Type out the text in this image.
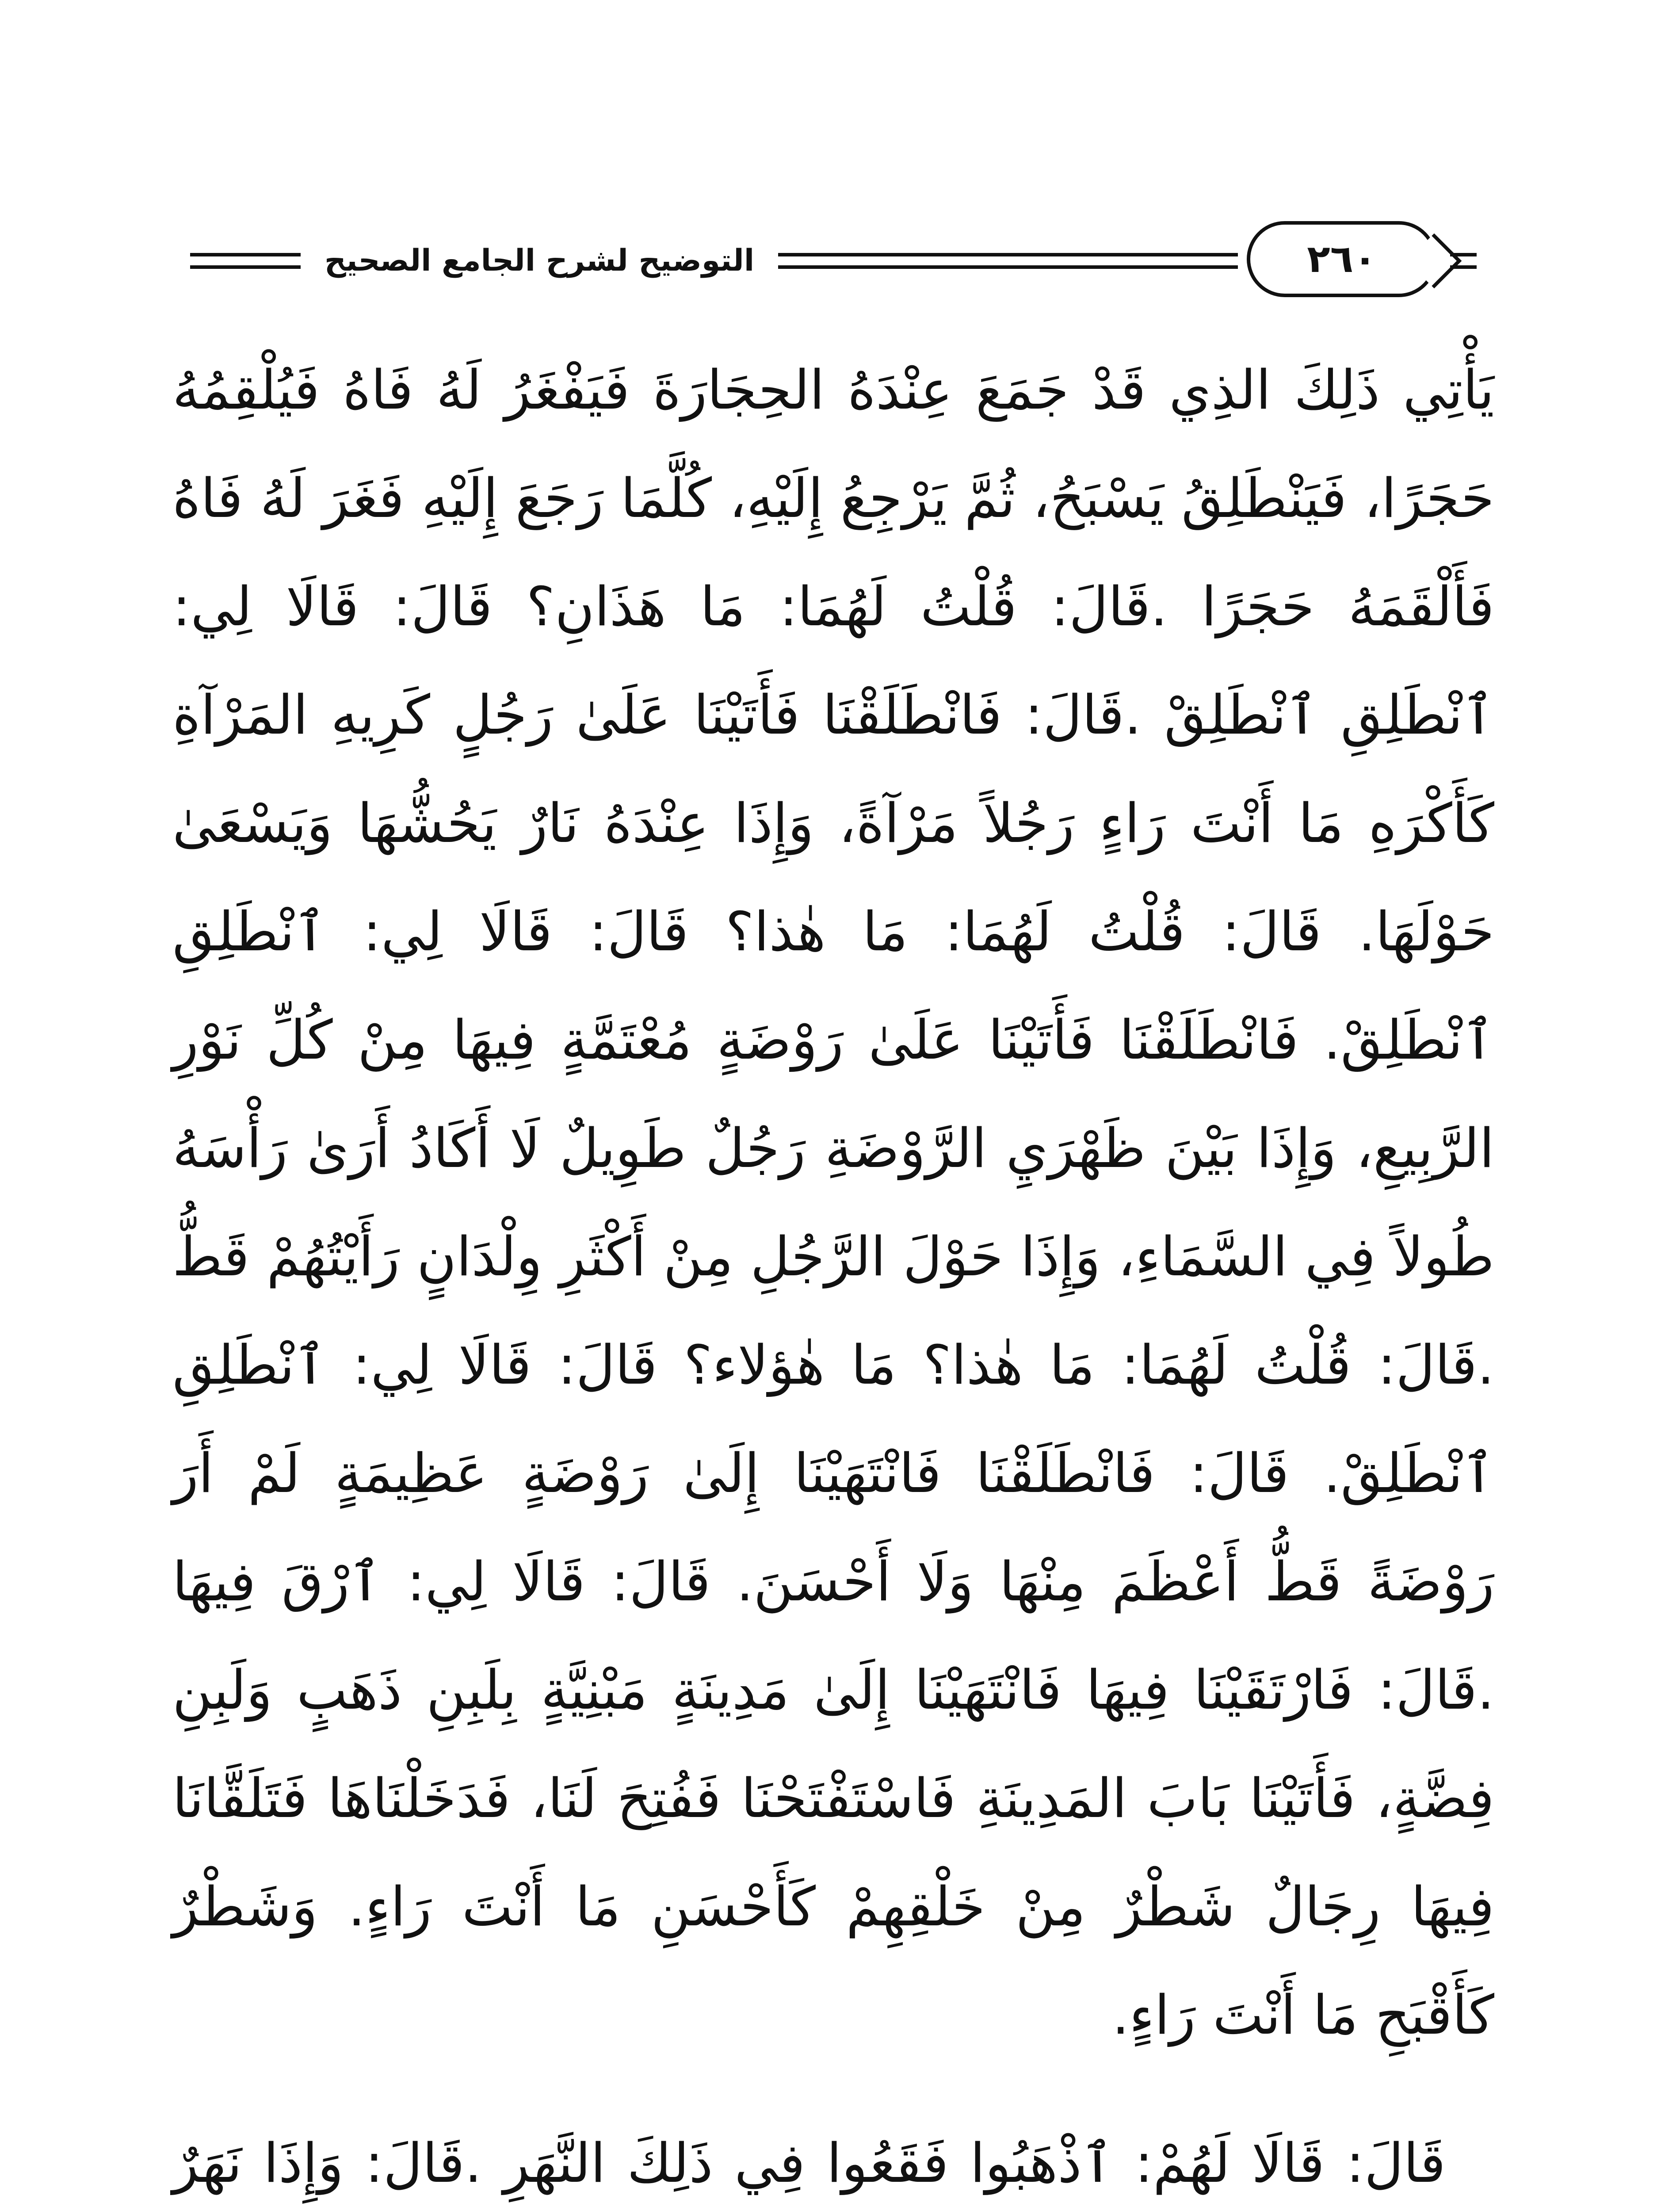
التوضيح لشرح الجامع الصحيح	٢٦٠

يَأْتِي ذَلِكَ الذِي قَدْ جَمَعَ عِنْدَهُ الحِجَارَةَ فَيَفْغَرُ لَهُ فَاهُ فَيُلْقِمُهُ حَجَرًا، فَيَنْطَلِقُ يَسْبَحُ، ثُمَّ يَرْجِعُ إِلَيْهِ، كُلَّمَا رَجَعَ إِلَيْهِ فَغَرَ لَهُ فَاهُ فَأَلْقَمَهُ حَجَرًا .قَالَ: قُلْتُ لَهُمَا: مَا هَذَانِ؟ قَالَ: قَالَا لِي: ٱنْطَلِقِ ٱنْطَلِقْ .قَالَ: فَانْطَلَقْنَا فَأَتَيْنَا عَلَىٰ رَجُلٍ كَرِيهِ المَرْآةِ كَأَكْرَهِ مَا أَنْتَ رَاءٍ رَجُلاً مَرْآةً، وَإِذَا عِنْدَهُ نَارٌ يَحُشُّهَا وَيَسْعَىٰ حَوْلَهَا. قَالَ: قُلْتُ لَهُمَا: مَا هٰذا؟ قَالَ: قَالَا لِي: ٱنْطَلِقِ ٱنْطَلِقْ. فَانْطَلَقْنَا فَأَتَيْنَا عَلَىٰ رَوْضَةٍ مُعْتَمَّةٍ فِيهَا مِنْ كُلِّ نَوْرِ الرَّبِيعِ، وَإِذَا بَيْنَ ظَهْرَيِ الرَّوْضَةِ رَجُلٌ طَوِيلٌ لَا أَكَادُ أَرَىٰ رَأْسَهُ طُولاً فِي السَّمَاءِ، وَإِذَا حَوْلَ الرَّجُلِ مِنْ أَكْثَرِ وِلْدَانٍ رَأَيْتُهُمْ قَطُّ .قَالَ: قُلْتُ لَهُمَا: مَا هٰذا؟ مَا هٰؤلاء؟ قَالَ: قَالَا لِي: ٱنْطَلِقِ ٱنْطَلِقْ. قَالَ: فَانْطَلَقْنَا فَانْتَهَيْنَا إِلَىٰ رَوْضَةٍ عَظِيمَةٍ لَمْ أَرَ رَوْضَةً قَطُّ أَعْظَمَ مِنْهَا وَلَا أَحْسَنَ. قَالَ: قَالَا لِي: ٱرْقَ فِيهَا .قَالَ: فَارْتَقَيْنَا فِيهَا فَانْتَهَيْنَا إِلَىٰ مَدِينَةٍ مَبْنِيَّةٍ بِلَبِنِ ذَهَبٍ وَلَبِنِ فِضَّةٍ، فَأَتَيْنَا بَابَ المَدِينَةِ فَاسْتَفْتَحْنَا فَفُتِحَ لَنَا، فَدَخَلْنَاهَا فَتَلَقَّانَا فِيهَا رِجَالٌ شَطْرٌ مِنْ خَلْقِهِمْ كَأَحْسَنِ مَا أَنْتَ رَاءٍ. وَشَطْرٌ كَأَقْبَحِ مَا أَنْتَ رَاءٍ.

قَالَ: قَالَا لَهُمْ: ٱذْهَبُوا فَقَعُوا فِي ذَلِكَ النَّهَرِ .قَالَ: وَإِذَا نَهَرٌ
